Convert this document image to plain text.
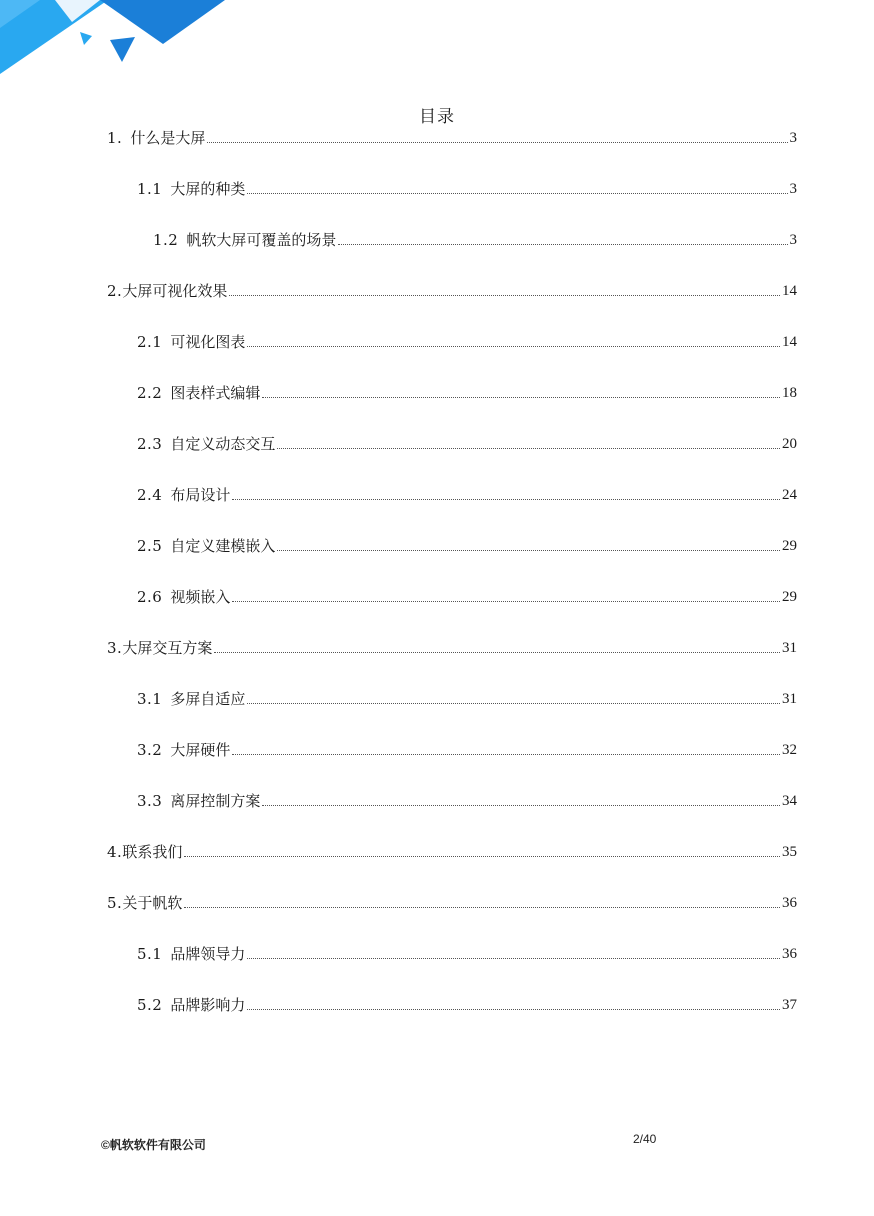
目录
1. 什么是大屏	3
1.1 大屏的种类	3
1.2 帆软大屏可覆盖的场景	3
2.大屏可视化效果	14
2.1 可视化图表	14
2.2 图表样式编辑	18
2.3 自定义动态交互	20
2.4 布局设计	24
2.5 自定义建模嵌入	29
2.6 视频嵌入	29
3.大屏交互方案	31
3.1 多屏自适应	31
3.2 大屏硬件	32
3.3 离屏控制方案	34
4.联系我们	35
5.关于帆软	36
5.1 品牌领导力	36
5.2 品牌影响力	37
©帆软软件有限公司	2/40
